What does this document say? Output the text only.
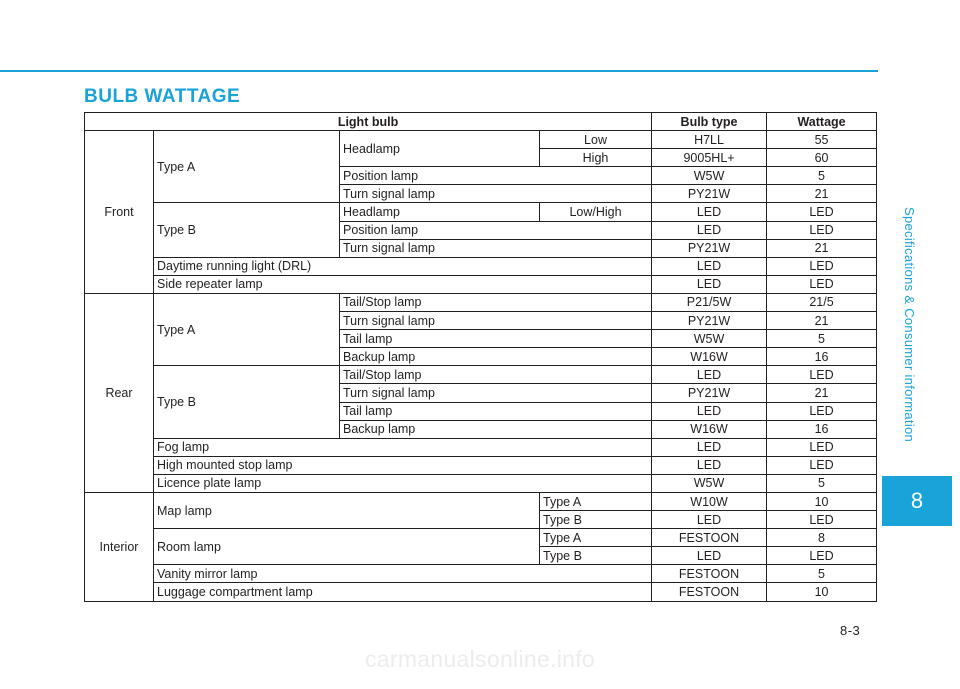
BULB WATTAGE
Specifications & Consumer information
8
Light bulb				Bulb type	Wattage
Front	Type A	Headlamp	Low	H7LL	55
			High	9005HL+	60
		Position lamp		W5W	5
		Turn signal lamp		PY21W	21
	Type B	Headlamp	Low/High	LED	LED
		Position lamp		LED	LED
		Turn signal lamp		PY21W	21
	Daytime running light (DRL)			LED	LED
	Side repeater lamp			LED	LED
Rear	Type A	Tail/Stop lamp		P21/5W	21/5
		Turn signal lamp		PY21W	21
		Tail lamp		W5W	5
		Backup lamp		W16W	16
	Type B	Tail/Stop lamp		LED	LED
		Turn signal lamp		PY21W	21
		Tail lamp		LED	LED
		Backup lamp		W16W	16
	Fog lamp			LED	LED
	High mounted stop lamp			LED	LED
	Licence plate lamp			W5W	5
Interior	Map lamp		Type A	W10W	10
			Type B	LED	LED
	Room lamp		Type A	FESTOON	8
			Type B	LED	LED
	Vanity mirror lamp			FESTOON	5
	Luggage compartment lamp			FESTOON	10
8-3
carmanualsonline.info
